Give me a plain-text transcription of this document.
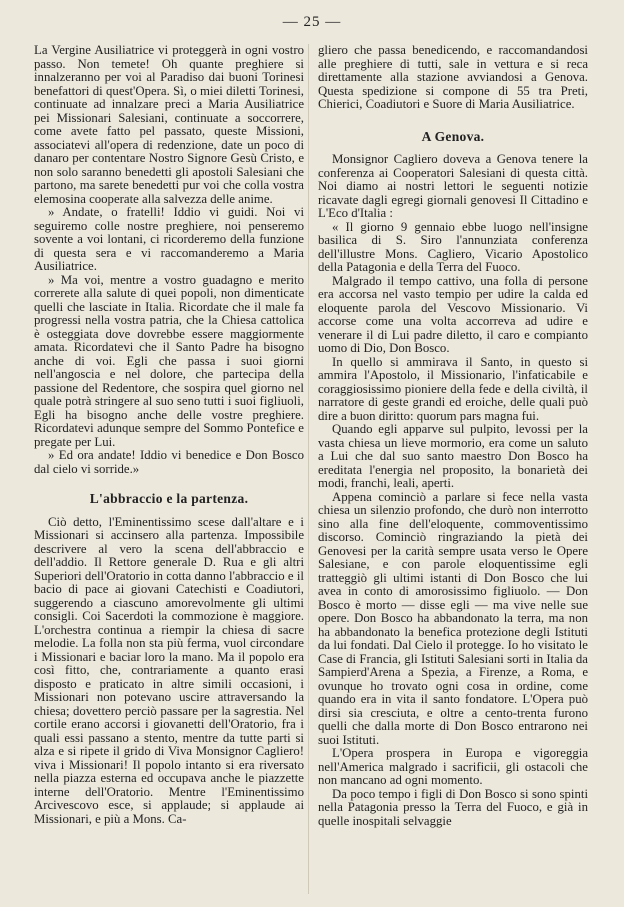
— 25 —

La Vergine Ausiliatrice vi proteggerà in ogni vostro passo. Non temete! Oh quante preghiere si innalzeranno per voi al Paradiso dai buoni Torinesi benefattori di quest'Opera. Sì, o miei diletti Torinesi, continuate ad innalzare preci a Maria Ausiliatrice pei Missionari Salesiani, continuate a soccorrere, come avete fatto pel passato, queste Missioni, associatevi all'opera di redenzione, date un poco di danaro per contentare Nostro Signore Gesù Cristo, e non solo saranno benedetti gli apostoli Salesiani che partono, ma sarete benedetti pur voi che colla vostra elemosina cooperate alla salvezza delle anime.

» Andate, o fratelli! Iddio vi guidi. Noi vi seguiremo colle nostre preghiere, noi penseremo sovente a voi lontani, ci ricorderemo della funzione di questa sera e vi raccomanderemo a Maria Ausiliatrice.

» Ma voi, mentre a vostro guadagno e merito correrete alla salute di quei popoli, non dimenticate quelli che lasciate in Italia. Ricordate che il male fa progressi nella vostra patria, che la Chiesa cattolica è osteggiata dove dovrebbe essere maggiormente amata. Ricordatevi che il Santo Padre ha bisogno anche di voi. Egli che passa i suoi giorni nell'angoscia e nel dolore, che partecipa della passione del Redentore, che sospira quel giorno nel quale potrà stringere al suo seno tutti i suoi figliuoli, Egli ha bisogno anche delle vostre preghiere. Ricordatevi adunque sempre del Sommo Pontefice e pregate per Lui.

» Ed ora andate! Iddio vi benedice e Don Bosco dal cielo vi sorride.»

L'abbraccio e la partenza.

Ciò detto, l'Eminentissimo scese dall'altare e i Missionari si accinsero alla partenza. Impossibile descrivere al vero la scena dell'abbraccio e dell'addio. Il Rettore generale D. Rua e gli altri Superiori dell'Oratorio in cotta danno l'abbraccio e il bacio di pace ai giovani Catechisti e Coadiutori, suggerendo a ciascuno amorevolmente gli ultimi consigli. Coi Sacerdoti la commozione è maggiore. L'orchestra continua a riempir la chiesa di sacre melodie. La folla non sta più ferma, vuol circondare i Missionari e baciar loro la mano. Ma il popolo era così fitto, che, contrariamente a quanto erasi disposto e praticato in altre simili occasioni, i Missionari non potevano uscire attraversando la chiesa; dovettero perciò passare per la sagrestia. Nel cortile erano accorsi i giovanetti dell'Oratorio, fra i quali essi passano a stento, mentre da tutte parti si alza e si ripete il grido di Viva Monsignor Cagliero! viva i Missionari! Il popolo intanto si era riversato nella piazza esterna ed occupava anche le piazzette interne dell'Oratorio. Mentre l'Eminentissimo Arcivescovo esce, si applaude; si applaude ai Missionari, e più a Mons. Ca-

gliero che passa benedicendo, e raccomandandosi alle preghiere di tutti, sale in vettura e si reca direttamente alla stazione avviandosi a Genova. Questa spedizione si compone di 55 tra Preti, Chierici, Coadiutori e Suore di Maria Ausiliatrice.

A Genova.

Monsignor Cagliero doveva a Genova tenere la conferenza ai Cooperatori Salesiani di questa città. Noi diamo ai nostri lettori le seguenti notizie ricavate dagli egregi giornali genovesi Il Cittadino e L'Eco d'Italia :

« Il giorno 9 gennaio ebbe luogo nell'insigne basilica di S. Siro l'annunziata conferenza dell'illustre Mons. Cagliero, Vicario Apostolico della Patagonia e della Terra del Fuoco.

Malgrado il tempo cattivo, una folla di persone era accorsa nel vasto tempio per udire la calda ed eloquente parola del Vescovo Missionario. Vi accorse come una volta accorreva ad udire e venerare il di Lui padre diletto, il caro e compianto uomo di Dio, Don Bosco.

In quello si ammirava il Santo, in questo si ammira l'Apostolo, il Missionario, l'infaticabile e coraggiosissimo pioniere della fede e della civiltà, il narratore di geste grandi ed eroiche, delle quali può dire a buon diritto: quorum pars magna fui.

Quando egli apparve sul pulpito, levossi per la vasta chiesa un lieve mormorio, era come un saluto a Lui che dal suo santo maestro Don Bosco ha ereditata l'energia nel proposito, la bonarietà dei modi, franchi, leali, aperti.

Appena cominciò a parlare si fece nella vasta chiesa un silenzio profondo, che durò non interrotto sino alla fine dell'eloquente, commoventissimo discorso. Cominciò ringraziando la pietà dei Genovesi per la carità sempre usata verso le Opere Salesiane, e con parole eloquentissime egli tratteggiò gli ultimi istanti di Don Bosco che lui avea in conto di amorosissimo figliuolo. — Don Bosco è morto — disse egli — ma vive nelle sue opere. Don Bosco ha abbandonato la terra, ma non ha abbandonato la benefica protezione degli Istituti da lui fondati. Dal Cielo il protegge. Io ho visitato le Case di Francia, gli Istituti Salesiani sorti in Italia da Sampierd'Arena a Spezia, a Firenze, a Roma, e ovunque ho trovato ogni cosa in ordine, come quando era in vita il santo fondatore. L'Opera può dirsi sia cresciuta, e oltre a cento-trenta furono quelli che dalla morte di Don Bosco entrarono nei suoi Istituti.

L'Opera prospera in Europa e vigoreggia nell'America malgrado i sacrificii, gli ostacoli che non mancano ad ogni momento.

Da poco tempo i figli di Don Bosco si sono spinti nella Patagonia presso la Terra del Fuoco, e già in quelle inospitali selvaggie
